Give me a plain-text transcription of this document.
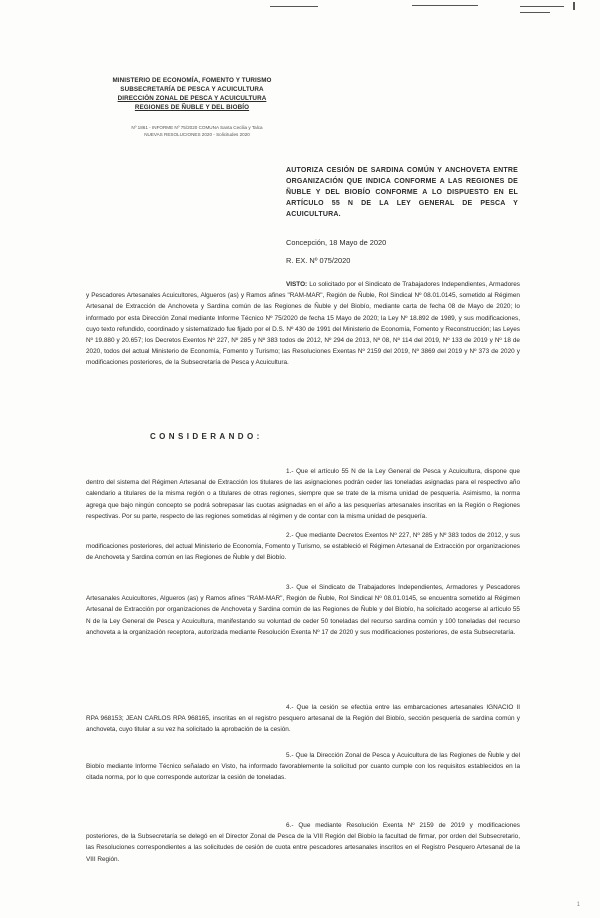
MINISTERIO DE ECONOMÍA, FOMENTO Y TURISMO
SUBSECRETARÍA DE PESCA Y ACUICULTURA
DIRECCIÓN ZONAL DE PESCA Y ACUICULTURA
REGIONES DE ÑUBLE Y DEL BIOBÍO
Nº 1861 - INFORME Nº 75/2020 COMUNA Santa Cecilia y Talca
NUEVAS RESOLUCIONES 2020 - Solicitudes 2020
AUTORIZA CESIÓN DE SARDINA COMÚN Y ANCHOVETA ENTRE ORGANIZACIÓN QUE INDICA CONFORME A LAS REGIONES DE ÑUBLE Y DEL BIOBÍO CONFORME A LO DISPUESTO EN EL ARTÍCULO 55 N DE LA LEY GENERAL DE PESCA Y ACUICULTURA.
Concepción, 18 Mayo de 2020
R. EX. Nº 075/2020
VISTO: Lo solicitado por el Sindicato de Trabajadores Independientes, Armadores y Pescadores Artesanales Acuicultores, Algueros (as) y Ramos afines "RAM-MAR", Región de Ñuble, Rol Sindical Nº 08.01.0145, sometido al Régimen Artesanal de Extracción de Anchoveta y Sardina común de las Regiones de Ñuble y del Biobío, mediante carta de fecha 08 de Mayo de 2020; lo informado por esta Dirección Zonal mediante Informe Técnico Nº 75/2020 de fecha 15 Mayo de 2020; la Ley Nº 18.892 de 1989, y sus modificaciones, cuyo texto refundido, coordinado y sistematizado fue fijado por el D.S. Nº 430 de 1991 del Ministerio de Economía, Fomento y Reconstrucción; las Leyes Nº 19.880 y 20.657; los Decretos Exentos Nº 227, Nº 285 y Nº 383 todos de 2012, Nº 294 de 2013, Nº 08, Nº 114 del 2019, Nº 133 de 2019 y Nº 18 de 2020, todos del actual Ministerio de Economía, Fomento y Turismo; las Resoluciones Exentas Nº 2159 del 2019, Nº 3869 del 2019 y Nº 373 de 2020 y modificaciones posteriores, de la Subsecretaría de Pesca y Acuicultura.
CONSIDERANDO:
1.- Que el artículo 55 N de la Ley General de Pesca y Acuicultura, dispone que dentro del sistema del Régimen Artesanal de Extracción los titulares de las asignaciones podrán ceder las toneladas asignadas para el respectivo año calendario a titulares de la misma región o a titulares de otras regiones, siempre que se trate de la misma unidad de pesquería. Asimismo, la norma agrega que bajo ningún concepto se podrá sobrepasar las cuotas asignadas en el año a las pesquerías artesanales inscritas en la Región o Regiones respectivas. Por su parte, respecto de las regiones sometidas al régimen y de contar con la misma unidad de pesquería.
2.- Que mediante Decretos Exentos Nº 227, Nº 285 y Nº 383 todos de 2012, y sus modificaciones posteriores, del actual Ministerio de Economía, Fomento y Turismo, se estableció el Régimen Artesanal de Extracción por organizaciones de Anchoveta y Sardina común en las Regiones de Ñuble y del Biobío.
3.- Que el Sindicato de Trabajadores Independientes, Armadores y Pescadores Artesanales Acuicultores, Algueros (as) y Ramos afines "RAM-MAR", Región de Ñuble, Rol Sindical Nº 08.01.0145, se encuentra sometido al Régimen Artesanal de Extracción por organizaciones de Anchoveta y Sardina común de las Regiones de Ñuble y del Biobío, ha solicitado acogerse al artículo 55 N de la Ley General de Pesca y Acuicultura, manifestando su voluntad de ceder 50 toneladas del recurso sardina común y 100 toneladas del recurso anchoveta a la organización receptora, autorizada mediante Resolución Exenta Nº 17 de 2020 y sus modificaciones posteriores, de esta Subsecretaría.
4.- Que la cesión se efectúa entre las embarcaciones artesanales IGNACIO II RPA 968153; JEAN CARLOS RPA 968165, inscritas en el registro pesquero artesanal de la Región del Biobío, sección pesquería de sardina común y anchoveta, cuyo titular a su vez ha solicitado la aprobación de la cesión.
5.- Que la Dirección Zonal de Pesca y Acuicultura de las Regiones de Ñuble y del Biobío mediante Informe Técnico señalado en Visto, ha informado favorablemente la solicitud por cuanto cumple con los requisitos establecidos en la citada norma, por lo que corresponde autorizar la cesión de toneladas.
6.- Que mediante Resolución Exenta Nº 2159 de 2019 y modificaciones posteriores, de la Subsecretaría se delegó en el Director Zonal de Pesca de la VIII Región del Biobío la facultad de firmar, por orden del Subsecretario, las Resoluciones correspondientes a las solicitudes de cesión de cuota entre pescadores artesanales inscritos en el Registro Pesquero Artesanal de la VIII Región.
1
